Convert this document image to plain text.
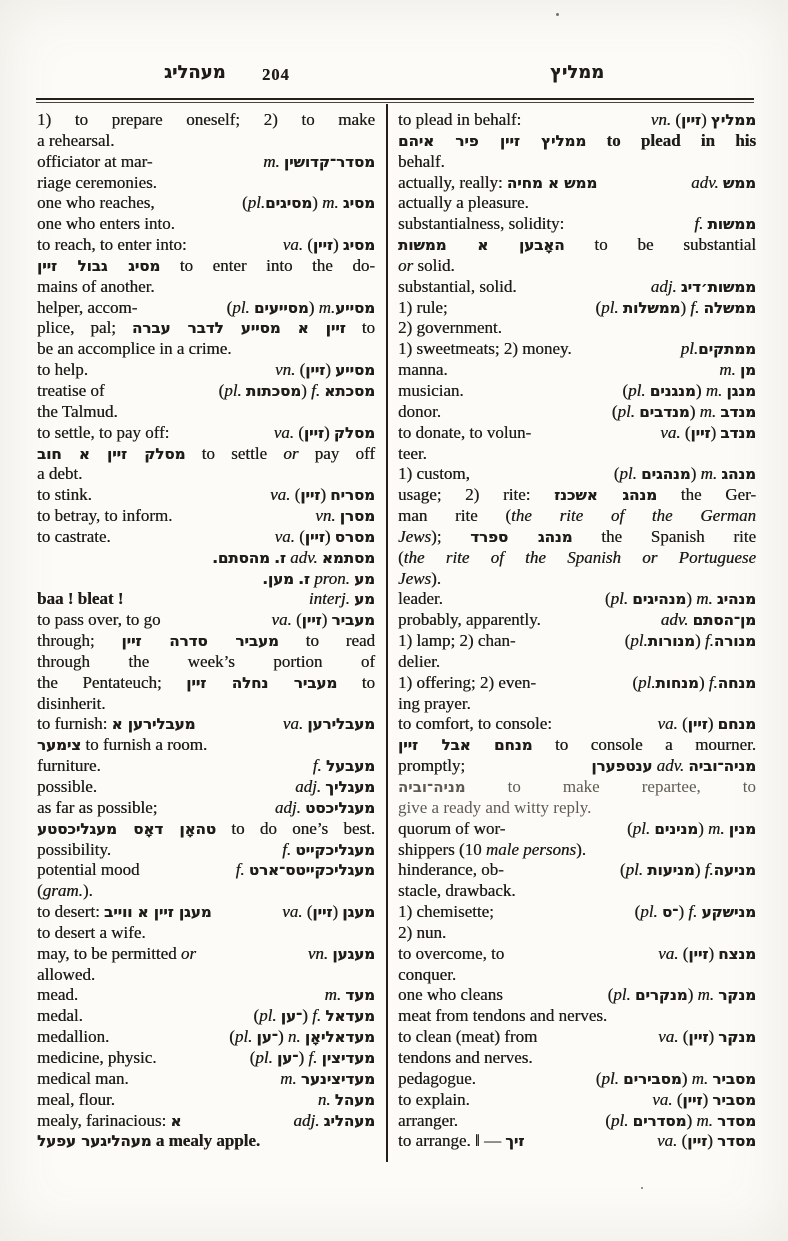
מעהליג 204	ממליץ
1) to prepare oneself; 2) to make
a rehearsal.
officiator at mar-	m. מסדר־קדושין
riage ceremonies.
one who reaches,	(pl.מסיגים) m. מסיג
one who enters into.
to reach, to enter into:	va. (זיין) מסיג
מסיג גבול זיין to enter into the do-
mains of another.
helper, accom-	(pl. מסייעים) m.מסייע
plice, pal; זיין א מסייע לדבר עברה to
be an accomplice in a crime.
to help.	vn. (זיין) מסייע
treatise of	(pl. מסכתות) f. מסכתא
the Talmud.
to settle, to pay off:	va. (זיין) מסלק
מסלק זיין א חוב to settle or pay off
a debt.
to stink.	va. (זיין) מסריח
to betray, to inform.	vn. מסרן
to castrate.	va. (זיין) מסרס
מהסתם. ז. adv. מסתמא
מען. ז. pron. מע
baa ! bleat !	interj. מע
to pass over, to go	va. (זיין) מעביר
through; מעביר סדרה זיין to read
through the week’s portion of
the Pentateuch; מעביר נחלה זיין to
disinherit.
to furnish: מעבלירען א	va. מעבלירען
צימער to furnish a room.
furniture.	f. מעבעל
possible.	adj. מעגליך
as far as possible;	adj. מעגליכסט
טהאָן דאָס מעגליכסטע to do one’s best.
possibility.	f. מעגליכקייט
potential mood	f. מעגליכקייטס־ארט
(gram.).
to desert: מעגן זיין א ווייב	va. (זיין) מעגן
to desert a wife.
may, to be permitted or	vn. מעגען
allowed.
mead.	m. מעד
medal.	(pl. ־ען) f. מעדאל
medallion.	(pl. ־ען) n. מעדאליאָן
medicine, physic.	(pl. ־ען) f. מעדיצין
medical man.	m. מעדיצינער
meal, flour.	n. מעהל
mealy, farinacious: א	adj. מעהליג
מעהליגער עפעל a mealy apple.
to plead in behalf:	vn. (זיין) ממליץ
ממליץ זיין פיר איהם to plead in his
behalf.
actually, really: ממש א מחיה	adv. ממש
actually a pleasure.
substantialness, solidity:	f. ממשות
האָבען א ממשות to be substantial
or solid.
substantial, solid.	adj. ממשות׳דיג
1) rule;	(pl. ממשלות) f. ממשלה
2) government.
1) sweetmeats; 2) money.	pl.ממתקים
manna.	m. מן
musician.	(pl. מנגנים) m. מנגן
donor.	(pl. מנדבים) m. מנדב
to donate, to volun-	va. (זיין) מנדב
teer.
1) custom,	(pl. מנהגים) m. מנהג
usage; 2) rite: מנהג אשכנז the Ger-
man rite (the rite of the German
Jews); מנהג ספרד the Spanish rite
(the rite of the Spanish or Portuguese
Jews).
leader.	(pl. מנהיגים) m. מנהיג
probably, apparently.	adv. מן־הסתם
1) lamp; 2) chan-	(pl.מנורות) f.מנורה
delier.
1) offering; 2) even-	(pl.מנחות) f.מנחה
ing prayer.
to comfort, to console:	va. (זיין) מנחם
מנחם אבל זיין to console a mourner.
promptly;	ענטפערן adv. מניה־וביה
מניה־וביה to make repartee, to
give a ready and witty reply.
quorum of wor-	(pl. מנינים) m. מנין
shippers (10 male persons).
hinderance, ob-	(pl. מניעות) f.מניעה
stacle, drawback.
1) chemisette;	(pl. ־ס) f. מנישקע
2) nun.
to overcome, to	va. (זיין) מנצח
conquer.
one who cleans	(pl. מנקרים) m. מנקר
meat from tendons and nerves.
to clean (meat) from	va. (זיין) מנקר
tendons and nerves.
pedagogue.	(pl. מסבירים) m. מסביר
to explain.	va. (זיין) מסביר
arranger.	(pl. מסדרים) m. מסדר
to arrange. ‖ — זיך	va. (זיין) מסדר
